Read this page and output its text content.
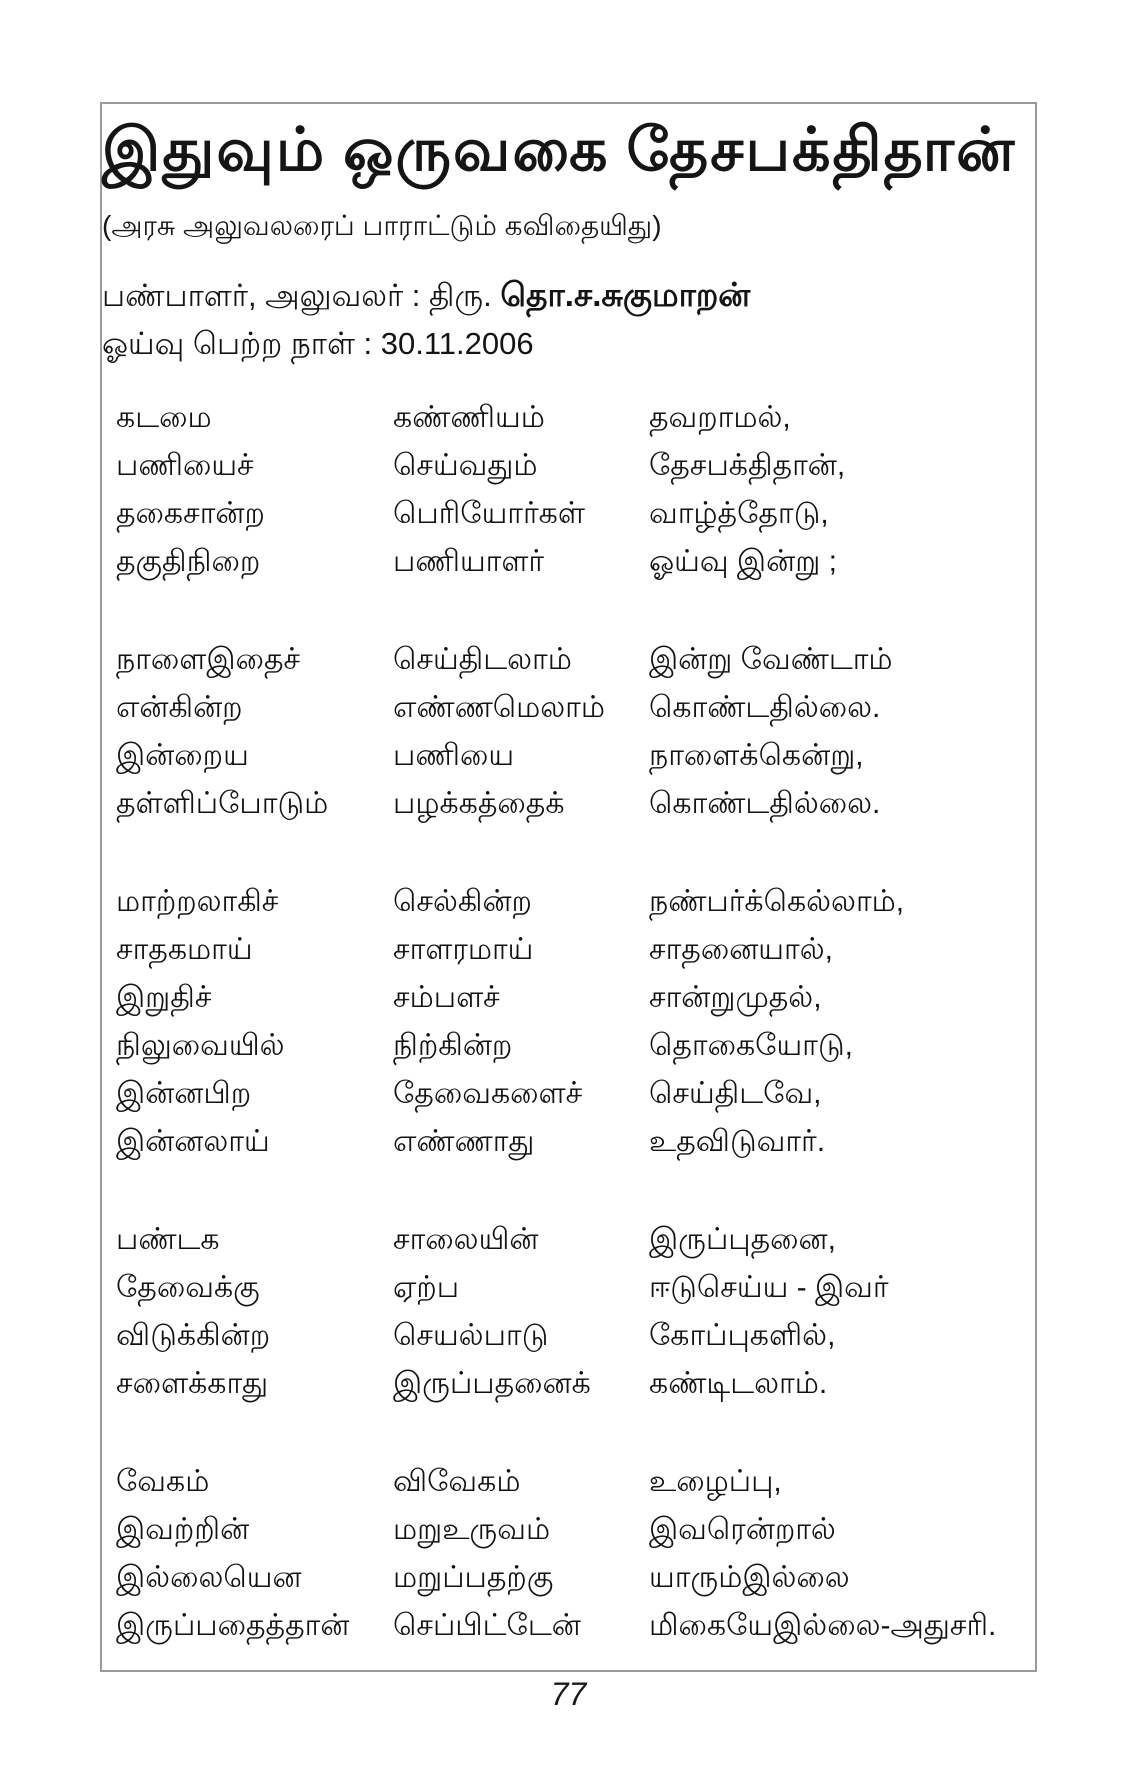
இதுவும் ஒருவகை தேசபக்திதான்
(அரசு அலுவலரைப் பாராட்டும் கவிதையிது)
பண்பாளர், அலுவலர் : திரு. தொ.ச.சுகுமாறன்
ஓய்வு பெற்ற நாள் : 30.11.2006
கடமை	கண்ணியம்	தவறாமல்,
பணியைச்	செய்வதும்	தேசபக்திதான்,
தகைசான்ற	பெரியோர்கள்	வாழ்த்தோடு,
தகுதிநிறை	பணியாளர்	ஓய்வு இன்று ;
நாளைஇதைச்	செய்திடலாம்	இன்று வேண்டாம்
என்கின்ற	எண்ணமெலாம்	கொண்டதில்லை.
இன்றைய	பணியை	நாளைக்கென்று,
தள்ளிப்போடும்	பழக்கத்தைக்	கொண்டதில்லை.
மாற்றலாகிச்	செல்கின்ற	நண்பர்க்கெல்லாம்,
சாதகமாய்	சாளரமாய்	சாதனையால்,
இறுதிச்	சம்பளச்	சான்றுமுதல்,
நிலுவையில்	நிற்கின்ற	தொகையோடு,
இன்னபிற	தேவைகளைச்	செய்திடவே,
இன்னலாய்	எண்ணாது	உதவிடுவார்.
பண்டக	சாலையின்	இருப்புதனை,
தேவைக்கு	ஏற்ப	ஈடுசெய்ய - இவர்
விடுக்கின்ற	செயல்பாடு	கோப்புகளில்,
சளைக்காது	இருப்பதனைக்	கண்டிடலாம்.
வேகம்	விவேகம்	உழைப்பு,
இவற்றின்	மறுஉருவம்	இவரென்றால்
இல்லையென	மறுப்பதற்கு	யாரும்இல்லை
இருப்பதைத்தான்	செப்பிட்டேன்	மிகையேஇல்லை-அதுசரி.
77
